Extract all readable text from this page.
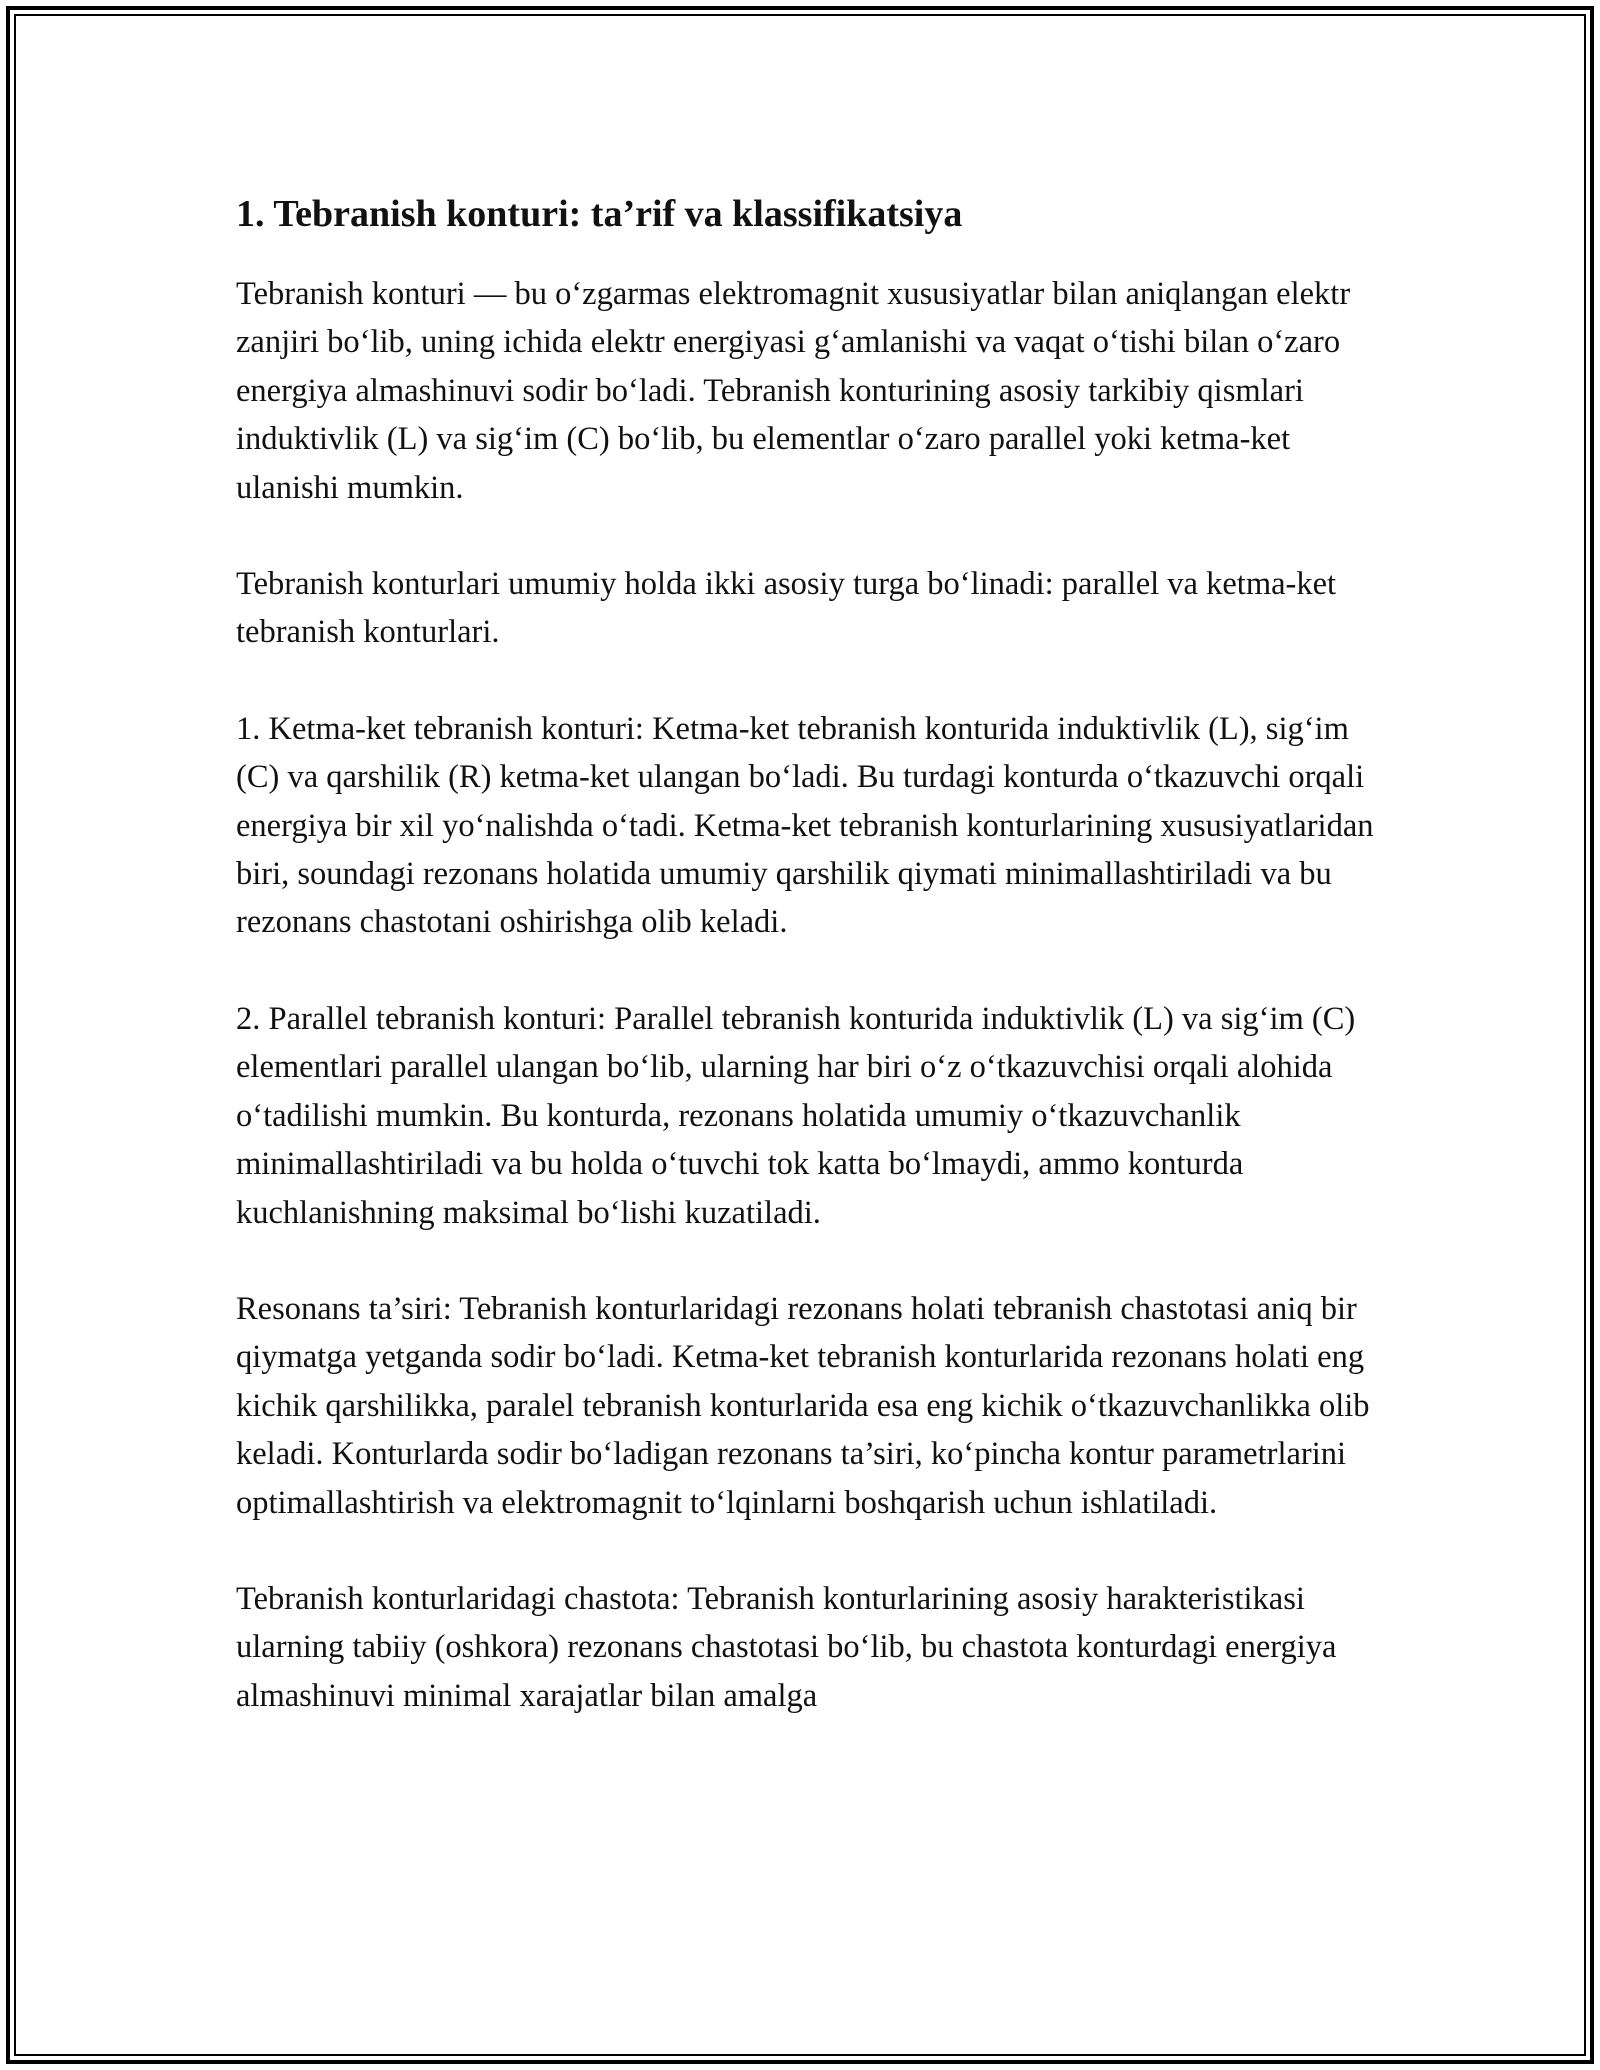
1. Tebranish konturi: ta’rif va klassifikatsiya

Tebranish konturi — bu o‘zgarmas elektromagnit xususiyatlar bilan aniqlangan elektr zanjiri bo‘lib, uning ichida elektr energiyasi g‘amlanishi va vaqat o‘tishi bilan o‘zaro energiya almashinuvi sodir bo‘ladi. Tebranish konturining asosiy tarkibiy qismlari induktivlik (L) va sig‘im (C) bo‘lib, bu elementlar o‘zaro parallel yoki ketma-ket ulanishi mumkin.

Tebranish konturlari umumiy holda ikki asosiy turga bo‘linadi: parallel va ketma-ket tebranish konturlari.

1. Ketma-ket tebranish konturi: Ketma-ket tebranish konturida induktivlik (L), sig‘im (C) va qarshilik (R) ketma-ket ulangan bo‘ladi. Bu turdagi konturda o‘tkazuvchi orqali energiya bir xil yo‘nalishda o‘tadi. Ketma-ket tebranish konturlarining xususiyatlaridan biri, soundagi rezonans holatida umumiy qarshilik qiymati minimallashtiriladi va bu rezonans chastotani oshirishga olib keladi.

2. Parallel tebranish konturi: Parallel tebranish konturida induktivlik (L) va sig‘im (C) elementlari parallel ulangan bo‘lib, ularning har biri o‘z o‘tkazuvchisi orqali alohida o‘tadilishi mumkin. Bu konturda, rezonans holatida umumiy o‘tkazuvchanlik minimallashtiriladi va bu holda o‘tuvchi tok katta bo‘lmaydi, ammo konturda kuchlanishning maksimal bo‘lishi kuzatiladi.

Resonans ta’siri: Tebranish konturlaridagi rezonans holati tebranish chastotasi aniq bir qiymatga yetganda sodir bo‘ladi. Ketma-ket tebranish konturlarida rezonans holati eng kichik qarshilikka, paralel tebranish konturlarida esa eng kichik o‘tkazuvchanlikka olib keladi. Konturlarda sodir bo‘ladigan rezonans ta’siri, ko‘pincha kontur parametrlarini optimallashtirish va elektromagnit to‘lqinlarni boshqarish uchun ishlatiladi.

Tebranish konturlaridagi chastota: Tebranish konturlarining asosiy harakteristikasi ularning tabiiy (oshkora) rezonans chastotasi bo‘lib, bu chastota konturdagi energiya almashinuvi minimal xarajatlar bilan amalga
